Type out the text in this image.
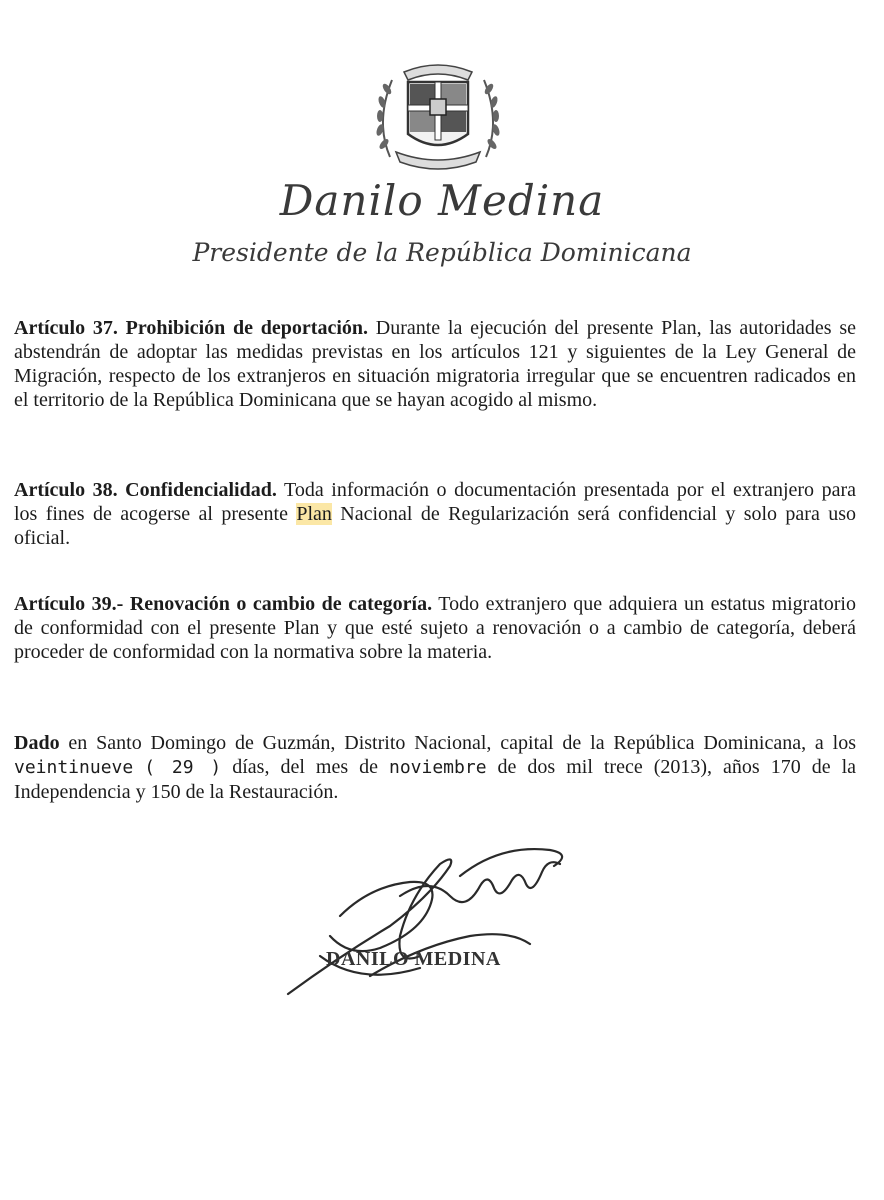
Danilo Medina
Presidente de la República Dominicana

Artículo 37. Prohibición de deportación. Durante la ejecución del presente Plan, las autoridades se abstendrán de adoptar las medidas previstas en los artículos 121 y siguientes de la Ley General de Migración, respecto de los extranjeros en situación migratoria irregular que se encuentren radicados en el territorio de la República Dominicana que se hayan acogido al mismo.

Artículo 38. Confidencialidad. Toda información o documentación presentada por el extranjero para los fines de acogerse al presente Plan Nacional de Regularización será confidencial y solo para uso oficial.

Artículo 39.- Renovación o cambio de categoría. Todo extranjero que adquiera un estatus migratorio de conformidad con el presente Plan y que esté sujeto a renovación o a cambio de categoría, deberá proceder de conformidad con la normativa sobre la materia.

Dado en Santo Domingo de Guzmán, Distrito Nacional, capital de la República Dominicana, a los veintinueve ( 29 ) días, del mes de noviembre de dos mil trece (2013), años 170 de la Independencia y 150 de la Restauración.

DANILO MEDINA
